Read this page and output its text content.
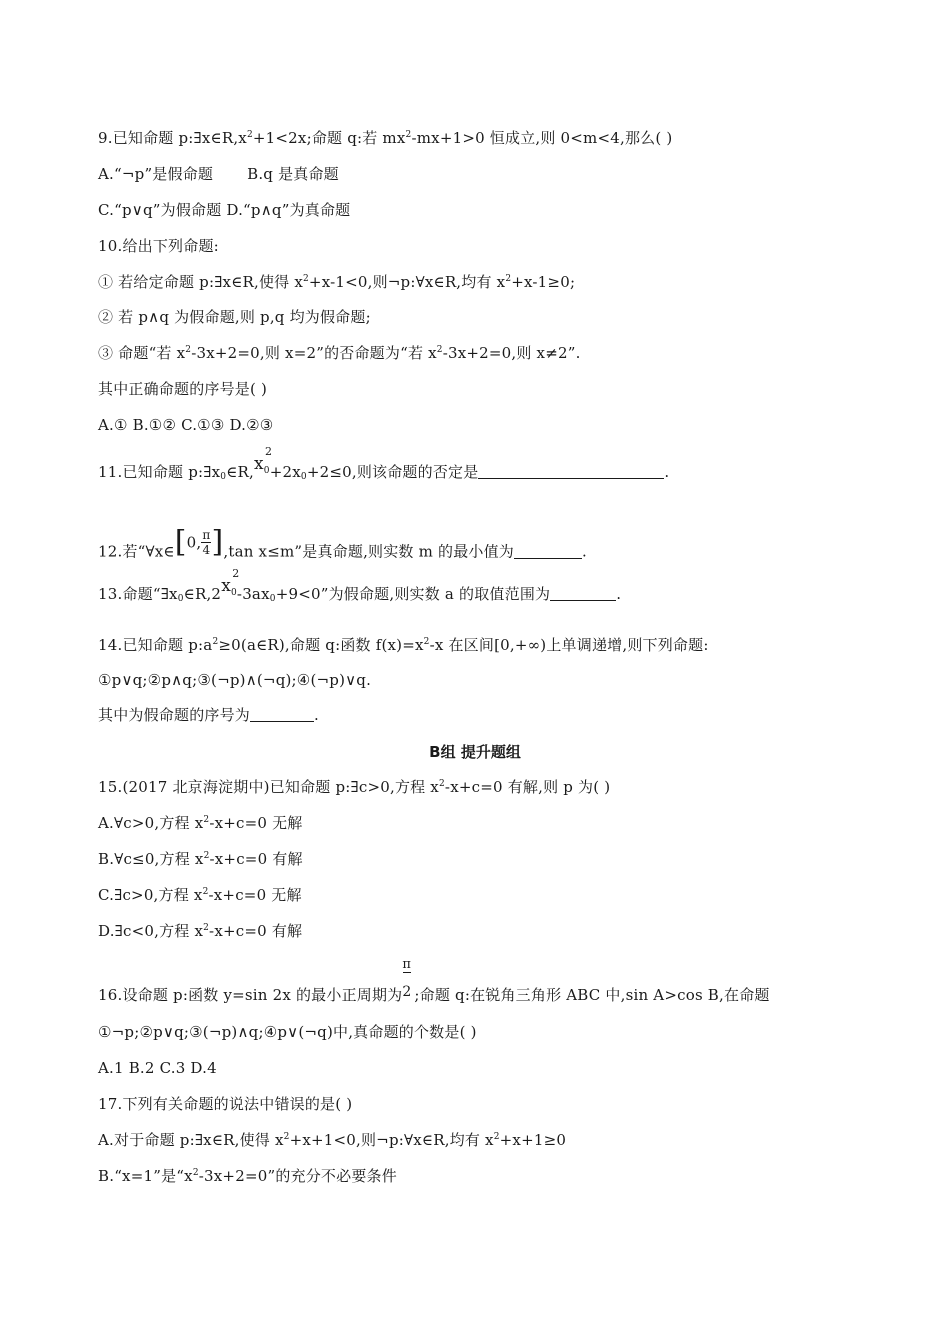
9.已知命题 $p:\exists x\in R,x^2+1<2x$;命题 q:若 $mx^2-mx+1>0$ 恒成立,则 0<m<4,那么( )
A.“¬p”是假命题 B.q 是真命题
C.“p∨q”为假命题 D.“p∧q”为真命题
10.给出下列命题:
① 若给定命题 p:∃x∈R,使得 $x^2+x-1<0$,则¬p:∀x∈R,均有 $x^2+x-1\ge 0$;
② 若 p∧q 为假命题,则 p,q 均为假命题;
③ 命题“若 $x^2-3x+2=0$,则 x=2”的否命题为“若 $x^2-3x+2=0$,则 x≠2”.
其中正确命题的序号是( )
A.① B.①② C.①③ D.②③
11.已知命题 $p:\exists x_0\in R,x$
2
$_0+2x_0+2\le 0$,则该命题的否定是	.
12.若“∀x∈[0, $\frac{\pi}{4} ],\tan$ x≤m”是真命题,则实数 m 的最小值为	.
13.命题“$\exists x_0\in R,2x$
2
$_0-3ax_0+9<0$”为假命题,则实数 a 的取值范围为	.
14.已知命题 $p:a^2\ge 0(a\in R)$,命题 q:函数 $f(x)=x^2-x$ 在区间[0,+∞)上单调递增,则下列命题:
①p∨q;②p∧q;③(¬p)∧(¬q);④(¬p)∨q.
其中为假命题的序号为	.
B组 提升题组
15.(2017 北京海淀期中)已知命题 p:∃c>0,方程 $x^2-x+c=0$ 有解,则 p 为( )
A.∀c>0,方程 $x^2-x+c=0$ 无解
B.∀c≤0,方程 $x^2-x+c=0$ 有解
C.∃c>0,方程 $x^2-x+c=0$ 无解
D.∃c<0,方程 $x^2-x+c=0$ 有解
16.设命题 p:函数 y=sin 2x 的最小正周期为 $\frac{\pi}{2}$;命题 q:在锐角三角形 ABC 中,sin A>cos B,在命题
①¬p;②p∨q;③(¬p)∧q;④p∨(¬q)中,真命题的个数是( )
A.1 B.2 C.3 D.4
17.下列有关命题的说法中错误的是( )
A.对于命题 p:∃x∈R,使得 $x^2+x+1<0$,则¬p:∀x∈R,均有 $x^2+x+1\ge 0$
B.“x=1”是“$x^2-3x+2=0$”的充分不必要条件
